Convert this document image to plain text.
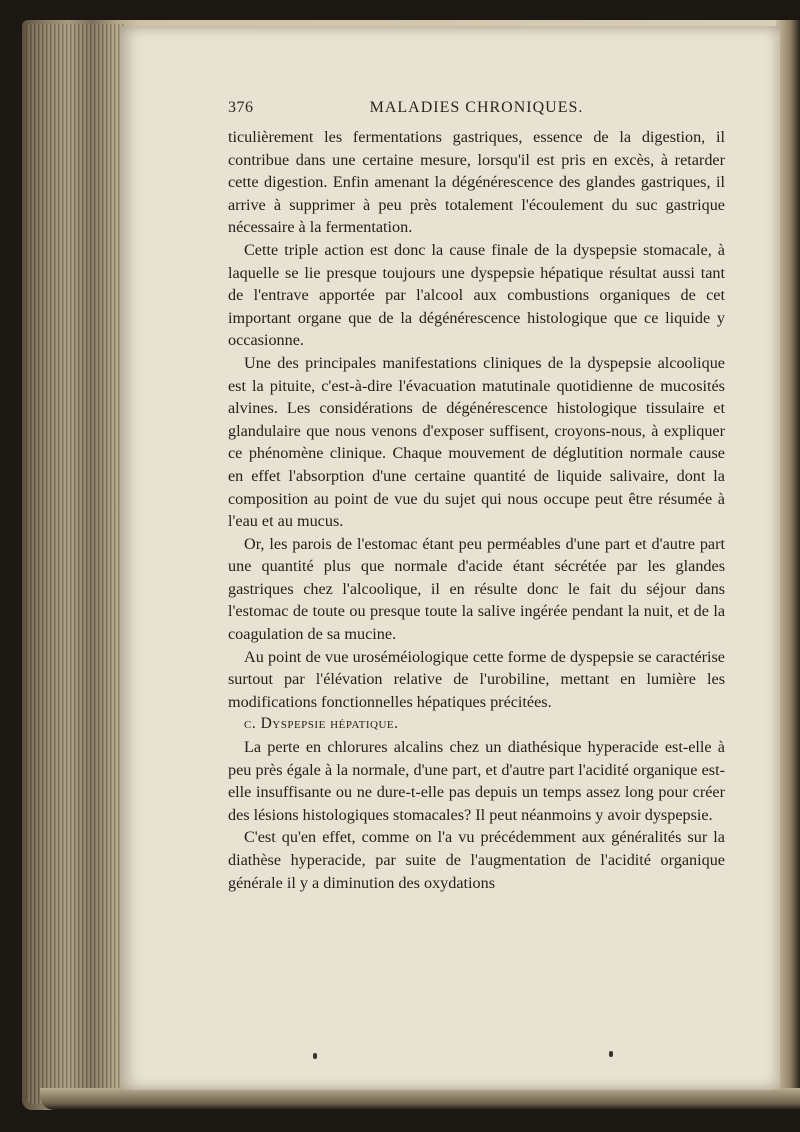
376	MALADIES CHRONIQUES.

ticulièrement les fermentations gastriques, essence de la digestion, il contribue dans une certaine mesure, lorsqu'il est pris en excès, à retarder cette digestion. Enfin amenant la dégénérescence des glandes gastriques, il arrive à supprimer à peu près totalement l'écoulement du suc gastrique nécessaire à la fermentation.

Cette triple action est donc la cause finale de la dyspepsie stomacale, à laquelle se lie presque toujours une dyspepsie hépatique résultat aussi tant de l'entrave apportée par l'alcool aux combustions organiques de cet important organe que de la dégénérescence histologique que ce liquide y occasionne.

Une des principales manifestations cliniques de la dyspepsie alcoolique est la pituite, c'est-à-dire l'évacuation matutinale quotidienne de mucosités alvines. Les considérations de dégénérescence histologique tissulaire et glandulaire que nous venons d'exposer suffisent, croyons-nous, à expliquer ce phénomène clinique. Chaque mouvement de déglutition normale cause en effet l'absorption d'une certaine quantité de liquide salivaire, dont la composition au point de vue du sujet qui nous occupe peut être résumée à l'eau et au mucus.

Or, les parois de l'estomac étant peu perméables d'une part et d'autre part une quantité plus que normale d'acide étant sécrétée par les glandes gastriques chez l'alcoolique, il en résulte donc le fait du séjour dans l'estomac de toute ou presque toute la salive ingérée pendant la nuit, et de la coagulation de sa mucine.

Au point de vue uroséméiologique cette forme de dyspepsie se caractérise surtout par l'élévation relative de l'urobiline, mettant en lumière les modifications fonctionnelles hépatiques précitées.

c. Dyspepsie hépatique.

La perte en chlorures alcalins chez un diathésique hyperacide est-elle à peu près égale à la normale, d'une part, et d'autre part l'acidité organique est-elle insuffisante ou ne dure-t-elle pas depuis un temps assez long pour créer des lésions histologiques stomacales? Il peut néanmoins y avoir dyspepsie.

C'est qu'en effet, comme on l'a vu précédemment aux généralités sur la diathèse hyperacide, par suite de l'augmentation de l'acidité organique générale il y a diminution des oxydations
